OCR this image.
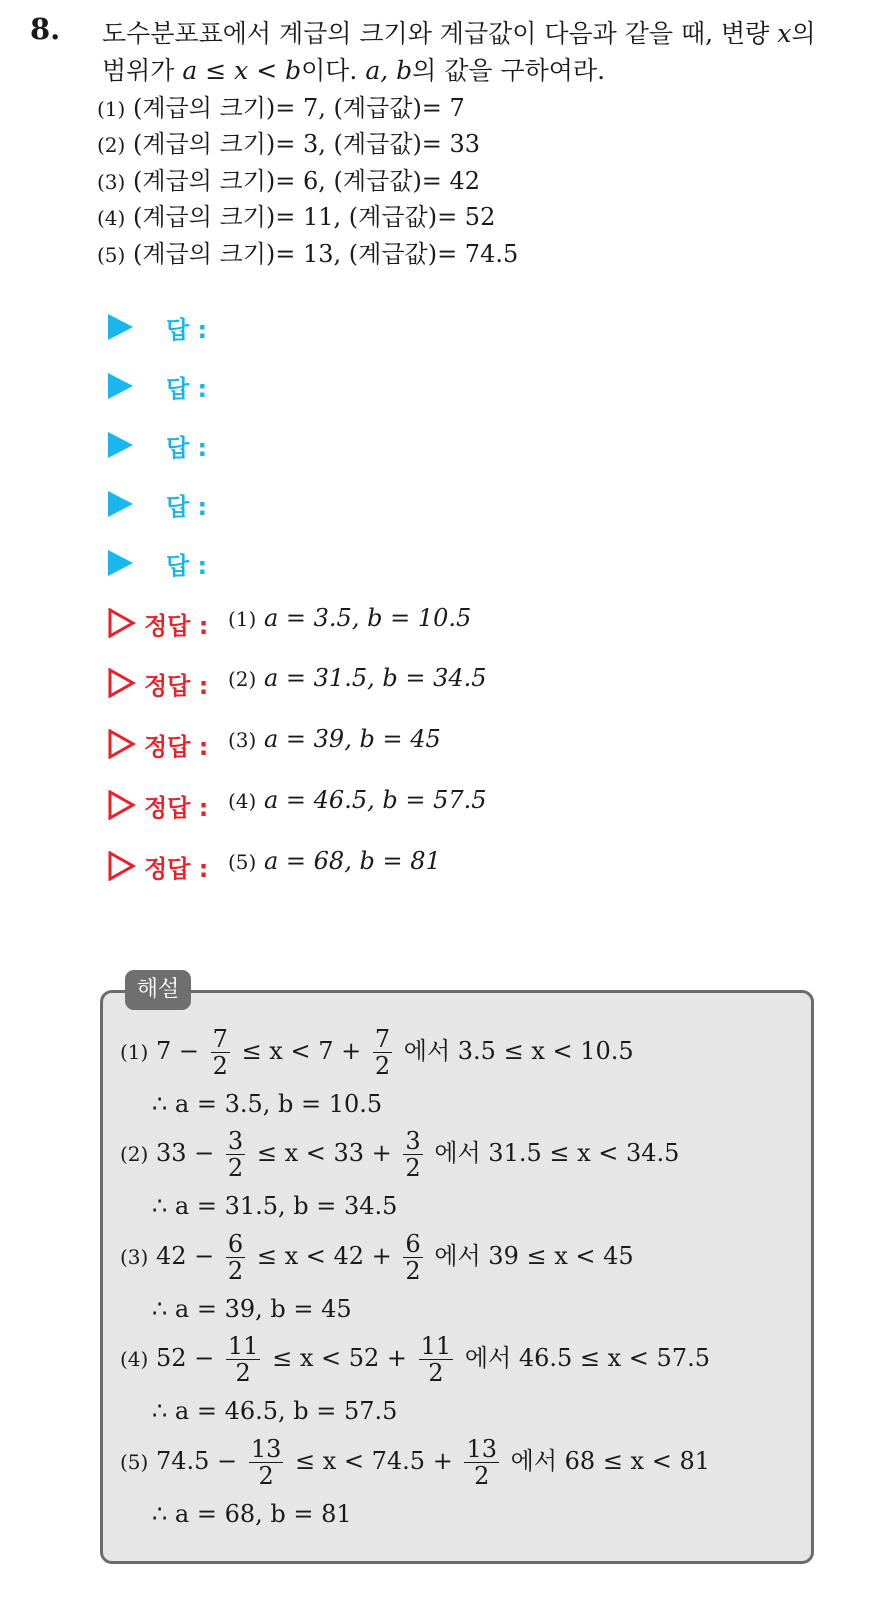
8. 도수분포표에서 계급의 크기와 계급값이 다음과 같을 때, 변량 x의
범위가 a ≤ x < b이다. a, b의 값을 구하여라.
(1) (계급의 크기)= 7, (계급값)= 7
(2) (계급의 크기)= 3, (계급값)= 33
(3) (계급의 크기)= 6, (계급값)= 42
(4) (계급의 크기)= 11, (계급값)= 52
(5) (계급의 크기)= 13, (계급값)= 74.5
답 :
답 :
답 :
답 :
답 :
정답 : (1) a = 3.5, b = 10.5
정답 : (2) a = 31.5, b = 34.5
정답 : (3) a = 39, b = 45
정답 : (4) a = 46.5, b = 57.5
정답 : (5) a = 68, b = 81
해설
(1) $7 - \frac{7}{2} \le x < 7 + \frac{7}{2}$ 에서 3.5 ≤ x < 10.5
∴ a = 3.5, b = 10.5
(2) $33 - \frac{3}{2} \le x < 33 + \frac{3}{2}$ 에서 31.5 ≤ x < 34.5
∴ a = 31.5, b = 34.5
(3) $42 - \frac{6}{2} \le x < 42 + \frac{6}{2}$ 에서 39 ≤ x < 45
∴ a = 39, b = 45
(4) $52 - \frac{11}{2} \le x < 52 + \frac{11}{2}$ 에서 46.5 ≤ x < 57.5
∴ a = 46.5, b = 57.5
(5) $74.5 - \frac{13}{2} \le x < 74.5 + \frac{13}{2}$ 에서 68 ≤ x < 81
∴ a = 68, b = 81
